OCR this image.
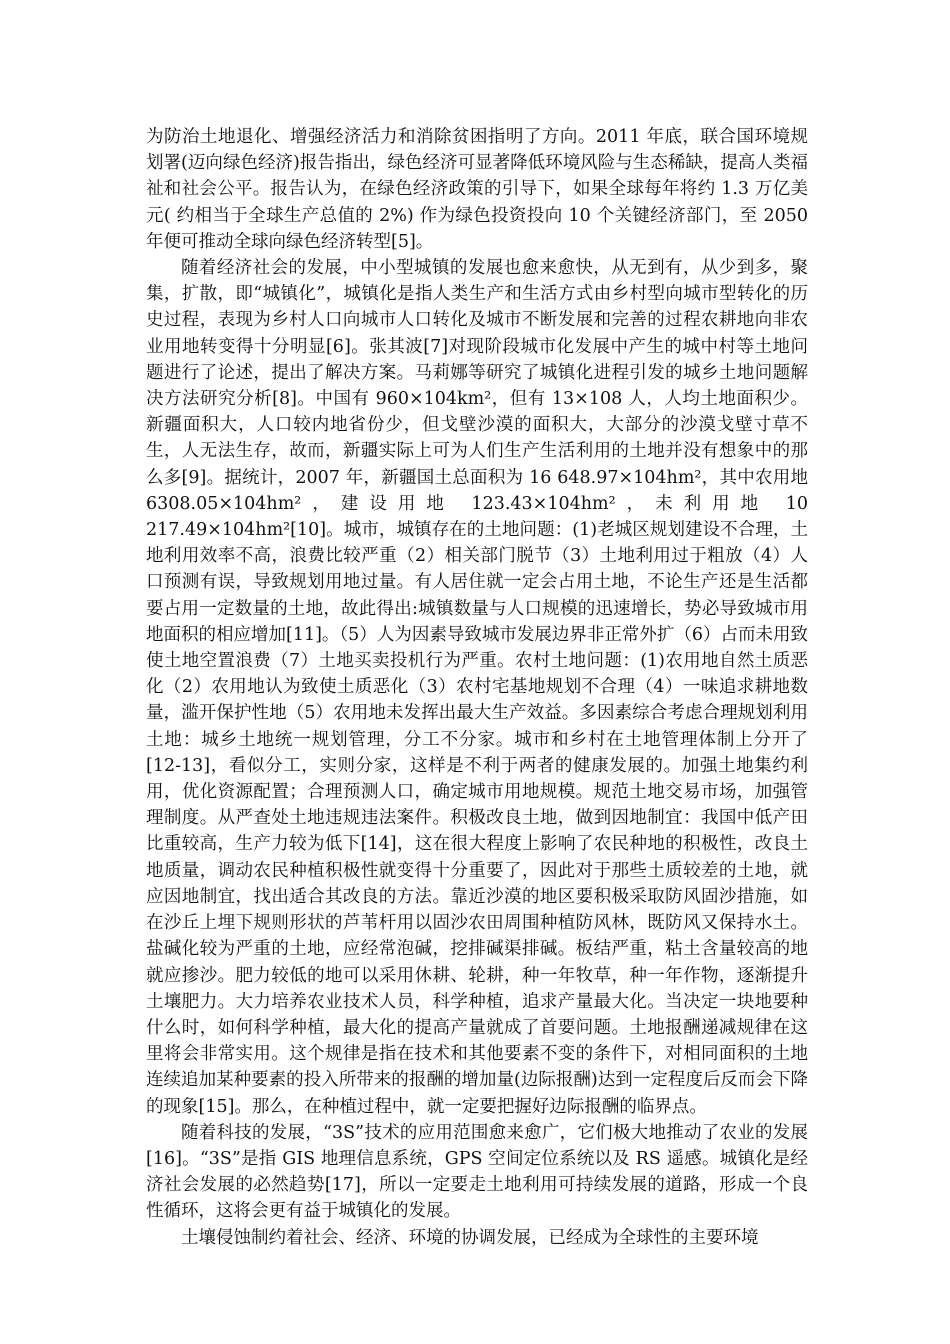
为防治土地退化、增强经济活力和消除贫困指明了方向。2011 年底，联合国环境规划署(迈向绿色经济)报告指出，绿色经济可显著降低环境风险与生态稀缺，提高人类福祉和社会公平。报告认为，在绿色经济政策的引导下，如果全球每年将约 1.3 万亿美元( 约相当于全球生产总值的 2%) 作为绿色投资投向 10 个关键经济部门，至 2050 年便可推动全球向绿色经济转型[5]。

随着经济社会的发展，中小型城镇的发展也愈来愈快，从无到有，从少到多，聚集，扩散，即“城镇化”，城镇化是指人类生产和生活方式由乡村型向城市型转化的历史过程，表现为乡村人口向城市人口转化及城市不断发展和完善的过程农耕地向非农业用地转变得十分明显[6]。张其波[7]对现阶段城市化发展中产生的城中村等土地问题进行了论述，提出了解决方案。马莉娜等研究了城镇化进程引发的城乡土地问题解决方法研究分析[8]。中国有 960×104km²，但有 13×108 人，人均土地面积少。新疆面积大，人口较内地省份少，但戈壁沙漠的面积大，大部分的沙漠戈壁寸草不生，人无法生存，故而，新疆实际上可为人们生产生活利用的土地并没有想象中的那么多[9]。据统计，2007 年，新疆国土总面积为 16 648.97×104hm²，其中农用地 6308.05×104hm²，建设用地 123.43×104hm²，未利用地 10 217.49×104hm²[10]。城市，城镇存在的土地问题：(1)老城区规划建设不合理，土地利用效率不高，浪费比较严重（2）相关部门脱节（3）土地利用过于粗放（4）人口预测有误，导致规划用地过量。有人居住就一定会占用土地，不论生产还是生活都要占用一定数量的土地，故此得出:城镇数量与人口规模的迅速增长，势必导致城市用地面积的相应增加[11]。（5）人为因素导致城市发展边界非正常外扩（6）占而未用致使土地空置浪费（7）土地买卖投机行为严重。农村土地问题：(1)农用地自然土质恶化（2）农用地认为致使土质恶化（3）农村宅基地规划不合理（4）一味追求耕地数量，滥开保护性地（5）农用地未发挥出最大生产效益。多因素综合考虑合理规划利用土地：城乡土地统一规划管理，分工不分家。城市和乡村在土地管理体制上分开了[12-13]，看似分工，实则分家，这样是不利于两者的健康发展的。加强土地集约利用，优化资源配置；合理预测人口，确定城市用地规模。规范土地交易市场，加强管理制度。从严查处土地违规违法案件。积极改良土地，做到因地制宜：我国中低产田比重较高，生产力较为低下[14]，这在很大程度上影响了农民种地的积极性，改良土地质量，调动农民种植积极性就变得十分重要了，因此对于那些土质较差的土地，就应因地制宜，找出适合其改良的方法。靠近沙漠的地区要积极采取防风固沙措施，如在沙丘上埋下规则形状的芦苇杆用以固沙农田周围种植防风林，既防风又保持水土。盐碱化较为严重的土地，应经常泡碱，挖排碱渠排碱。板结严重，粘土含量较高的地就应掺沙。肥力较低的地可以采用休耕、轮耕，种一年牧草，种一年作物，逐渐提升土壤肥力。大力培养农业技术人员，科学种植，追求产量最大化。当决定一块地要种什么时，如何科学种植，最大化的提高产量就成了首要问题。土地报酬递减规律在这里将会非常实用。这个规律是指在技术和其他要素不变的条件下，对相同面积的土地连续追加某种要素的投入所带来的报酬的增加量(边际报酬)达到一定程度后反而会下降的现象[15]。那么，在种植过程中，就一定要把握好边际报酬的临界点。

随着科技的发展，“3S”技术的应用范围愈来愈广，它们极大地推动了农业的发展[16]。“3S”是指 GIS 地理信息系统，GPS 空间定位系统以及 RS 遥感。城镇化是经济社会发展的必然趋势[17]，所以一定要走土地利用可持续发展的道路，形成一个良性循环，这将会更有益于城镇化的发展。

土壤侵蚀制约着社会、经济、环境的协调发展，已经成为全球性的主要环境
